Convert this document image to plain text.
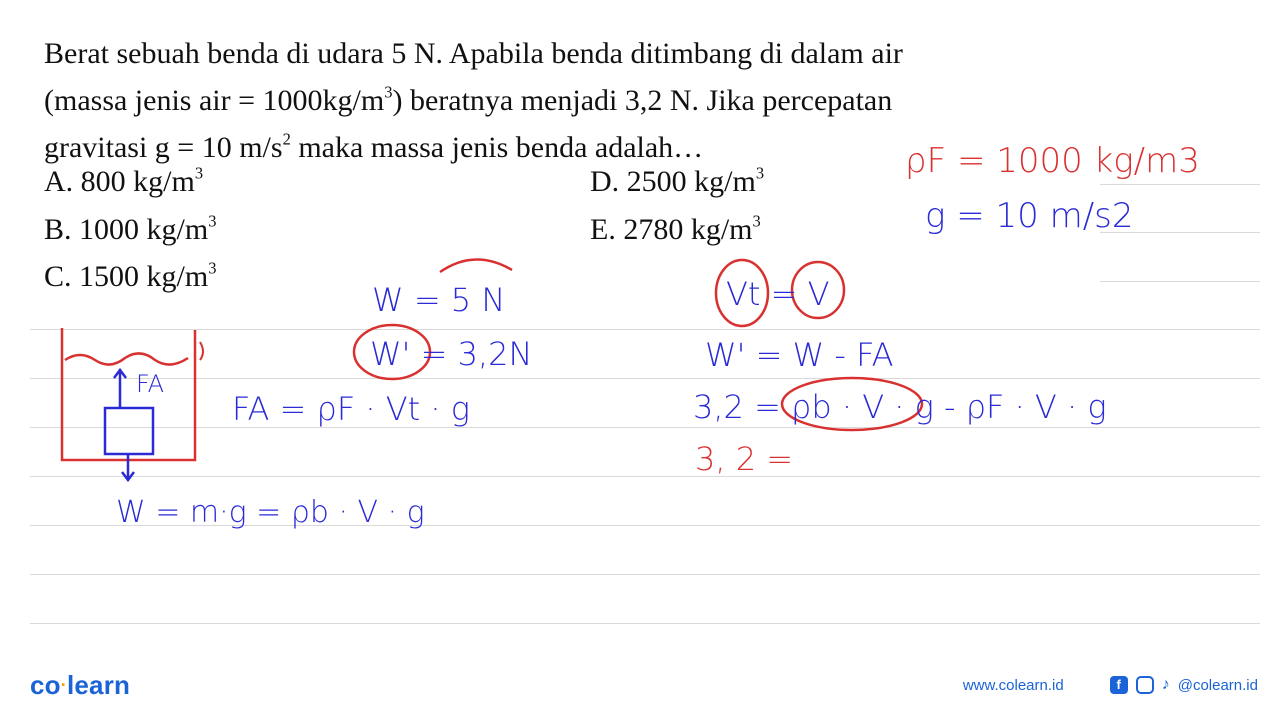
Berat sebuah benda di udara 5 N. Apabila benda ditimbang di dalam air
(massa jenis air = $1000kg/m^3$) beratnya menjadi 3,2 N. Jika percepatan
gravitasi g = 10 $m/s^2$ maka massa jenis benda adalah…

A. 800 $kg/m^3$
B. 1000 $kg/m^3$
C. 1500 $kg/m^3$
D. 2500 $kg/m^3$
E. 2780 $kg/m^3$
ρF = 1000 kg/m3
g = 10 m/s2
W = 5 N
W' = 3,2N
Vt = V
FA
FA = ρF · Vt · g
W = m·g = ρb · V · g
W' = W - FA
3,2 = ρb · V · g - ρF · V · g
3, 2 =
co·learn	www.colearn.id	f	♪ @colearn.id
